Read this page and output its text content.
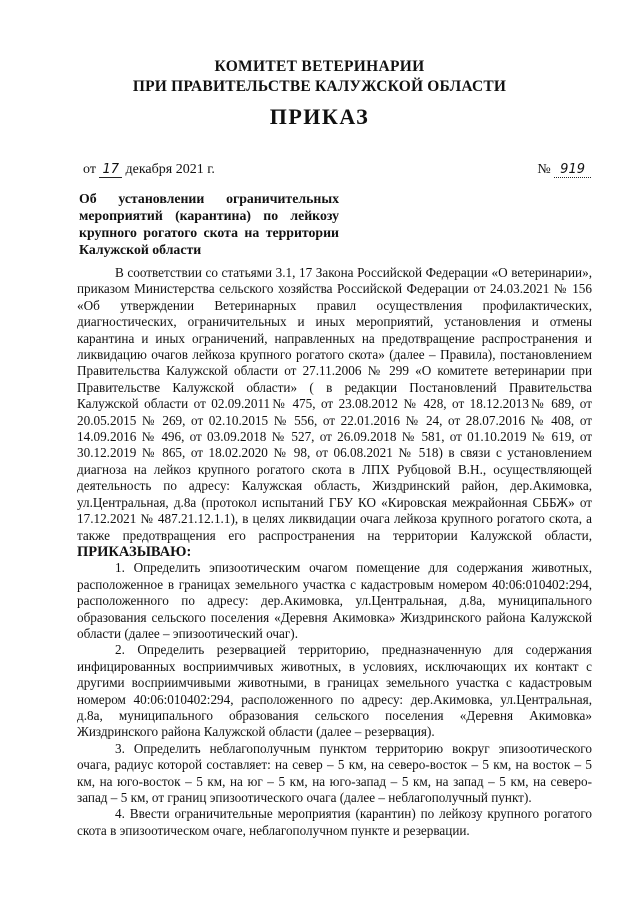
КОМИТЕТ ВЕТЕРИНАРИИ
ПРИ ПРАВИТЕЛЬСТВЕ КАЛУЖСКОЙ ОБЛАСТИ
ПРИКАЗ
от 17 декабря 2021 г.	№ 919
Об установлении ограничительных мероприятий (карантина) по лейкозу крупного рогатого скота на территории Калужской области

В соответствии со статьями 3.1, 17 Закона Российской Федерации «О ветеринарии», приказом Министерства сельского хозяйства Российской Федерации от 24.03.2021 № 156 «Об утверждении Ветеринарных правил осуществления профилактических, диагностических, ограничительных и иных мероприятий, установления и отмены карантина и иных ограничений, направленных на предотвращение распространения и ликвидацию очагов лейкоза крупного рогатого скота» (далее – Правила), постановлением Правительства Калужской области от 27.11.2006 № 299 «О комитете ветеринарии при Правительстве Калужской области» ( в редакции Постановлений Правительства Калужской области от 02.09.2011№ 475, от 23.08.2012 № 428, от 18.12.2013№ 689, от 20.05.2015 № 269, от 02.10.2015 № 556, от 22.01.2016 № 24, от 28.07.2016 № 408, от 14.09.2016 № 496, от 03.09.2018 № 527, от 26.09.2018 № 581, от 01.10.2019 № 619, от 30.12.2019 № 865, от 18.02.2020 № 98, от 06.08.2021 № 518) в связи с установлением диагноза на лейкоз крупного рогатого скота в ЛПХ Рубцовой В.Н., осуществляющей деятельность по адресу: Калужская область, Жиздринский район, дер.Акимовка, ул.Центральная, д.8а (протокол испытаний ГБУ КО «Кировская межрайонная СББЖ» от 17.12.2021 № 487.21.12.1.1), в целях ликвидации очага лейкоза крупного рогатого скота, а также предотвращения его распространения на территории Калужской области, ПРИКАЗЫВАЮ:

1. Определить эпизоотическим очагом помещение для содержания животных, расположенное в границах земельного участка с кадастровым номером 40:06:010402:294, расположенного по адресу: дер.Акимовка, ул.Центральная, д.8а, муниципального образования сельского поселения «Деревня Акимовка» Жиздринского района Калужской области (далее – эпизоотический очаг).

2. Определить резервацией территорию, предназначенную для содержания инфицированных восприимчивых животных, в условиях, исключающих их контакт с другими восприимчивыми животными, в границах земельного участка с кадастровым номером 40:06:010402:294, расположенного по адресу: дер.Акимовка, ул.Центральная, д.8а, муниципального образования сельского поселения «Деревня Акимовка» Жиздринского района Калужской области (далее – резервация).

3. Определить неблагополучным пунктом территорию вокруг эпизоотического очага, радиус которой составляет: на север – 5 км, на северо-восток – 5 км, на восток – 5 км, на юго-восток – 5 км, на юг – 5 км, на юго-запад – 5 км, на запад – 5 км, на северо-запад – 5 км, от границ эпизоотического очага (далее – неблагополучный пункт).

4. Ввести ограничительные мероприятия (карантин) по лейкозу крупного рогатого скота в эпизоотическом очаге, неблагополучном пункте и резервации.
